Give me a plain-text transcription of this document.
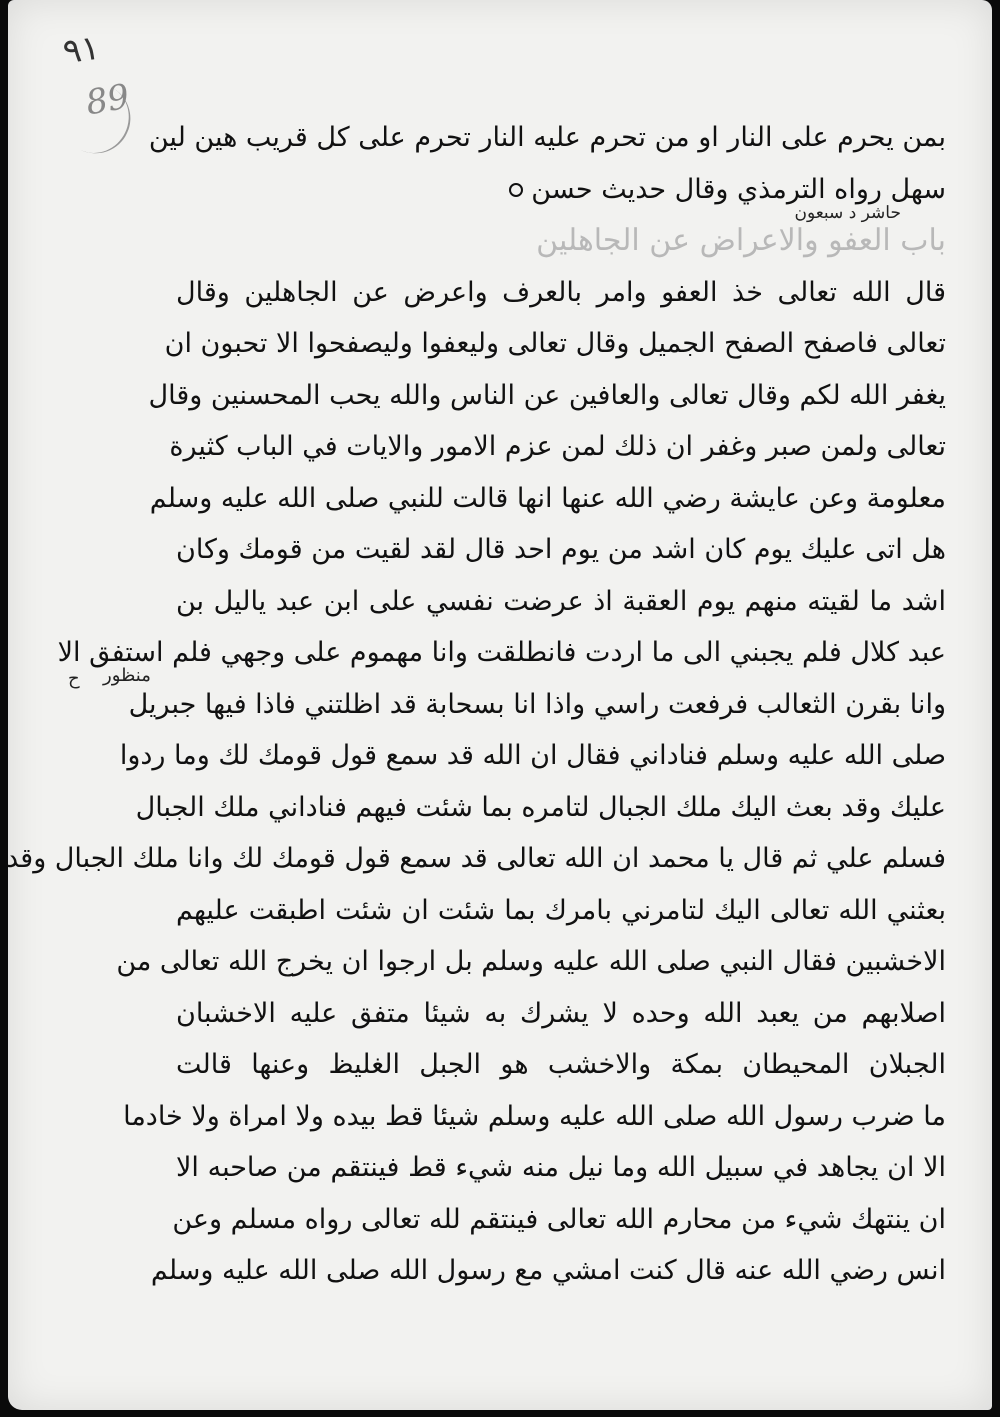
٩١
89
منظور
ح
بمن يحرم على النار او من تحرم عليه النار تحرم على كل قريب هين لين
سهل رواه الترمذي وقال حديث حسن
حاشر د سبعون
باب العفو والاعراض عن الجاهلين
قال الله تعالى خذ العفو وامر بالعرف واعرض عن الجاهلين وقال
تعالى فاصفح الصفح الجميل وقال تعالى وليعفوا وليصفحوا الا تحبون ان
يغفر الله لكم وقال تعالى والعافين عن الناس والله يحب المحسنين وقال
تعالى ولمن صبر وغفر ان ذلك لمن عزم الامور والايات في الباب كثيرة
معلومة وعن عايشة رضي الله عنها انها قالت للنبي صلى الله عليه وسلم
هل اتى عليك يوم كان اشد من يوم احد قال لقد لقيت من قومك وكان
اشد ما لقيته منهم يوم العقبة اذ عرضت نفسي على ابن عبد ياليل بن
عبد كلال فلم يجبني الى ما اردت فانطلقت وانا مهموم على وجهي فلم استفق الا
وانا بقرن الثعالب فرفعت راسي واذا انا بسحابة قد اظلتني فاذا فيها جبريل
صلى الله عليه وسلم فناداني فقال ان الله قد سمع قول قومك لك وما ردوا
عليك وقد بعث اليك ملك الجبال لتامره بما شئت فيهم فناداني ملك الجبال
فسلم علي ثم قال يا محمد ان الله تعالى قد سمع قول قومك لك وانا ملك الجبال وقد
بعثني الله تعالى اليك لتامرني بامرك بما شئت ان شئت اطبقت عليهم
الاخشبين فقال النبي صلى الله عليه وسلم بل ارجوا ان يخرج الله تعالى من
اصلابهم من يعبد الله وحده لا يشرك به شيئا متفق عليه الاخشبان
الجبلان المحيطان بمكة والاخشب هو الجبل الغليظ وعنها قالت
ما ضرب رسول الله صلى الله عليه وسلم شيئا قط بيده ولا امراة ولا خادما
الا ان يجاهد في سبيل الله وما نيل منه شيء قط فينتقم من صاحبه الا
ان ينتهك شيء من محارم الله تعالى فينتقم لله تعالى رواه مسلم وعن
انس رضي الله عنه قال كنت امشي مع رسول الله صلى الله عليه وسلم
